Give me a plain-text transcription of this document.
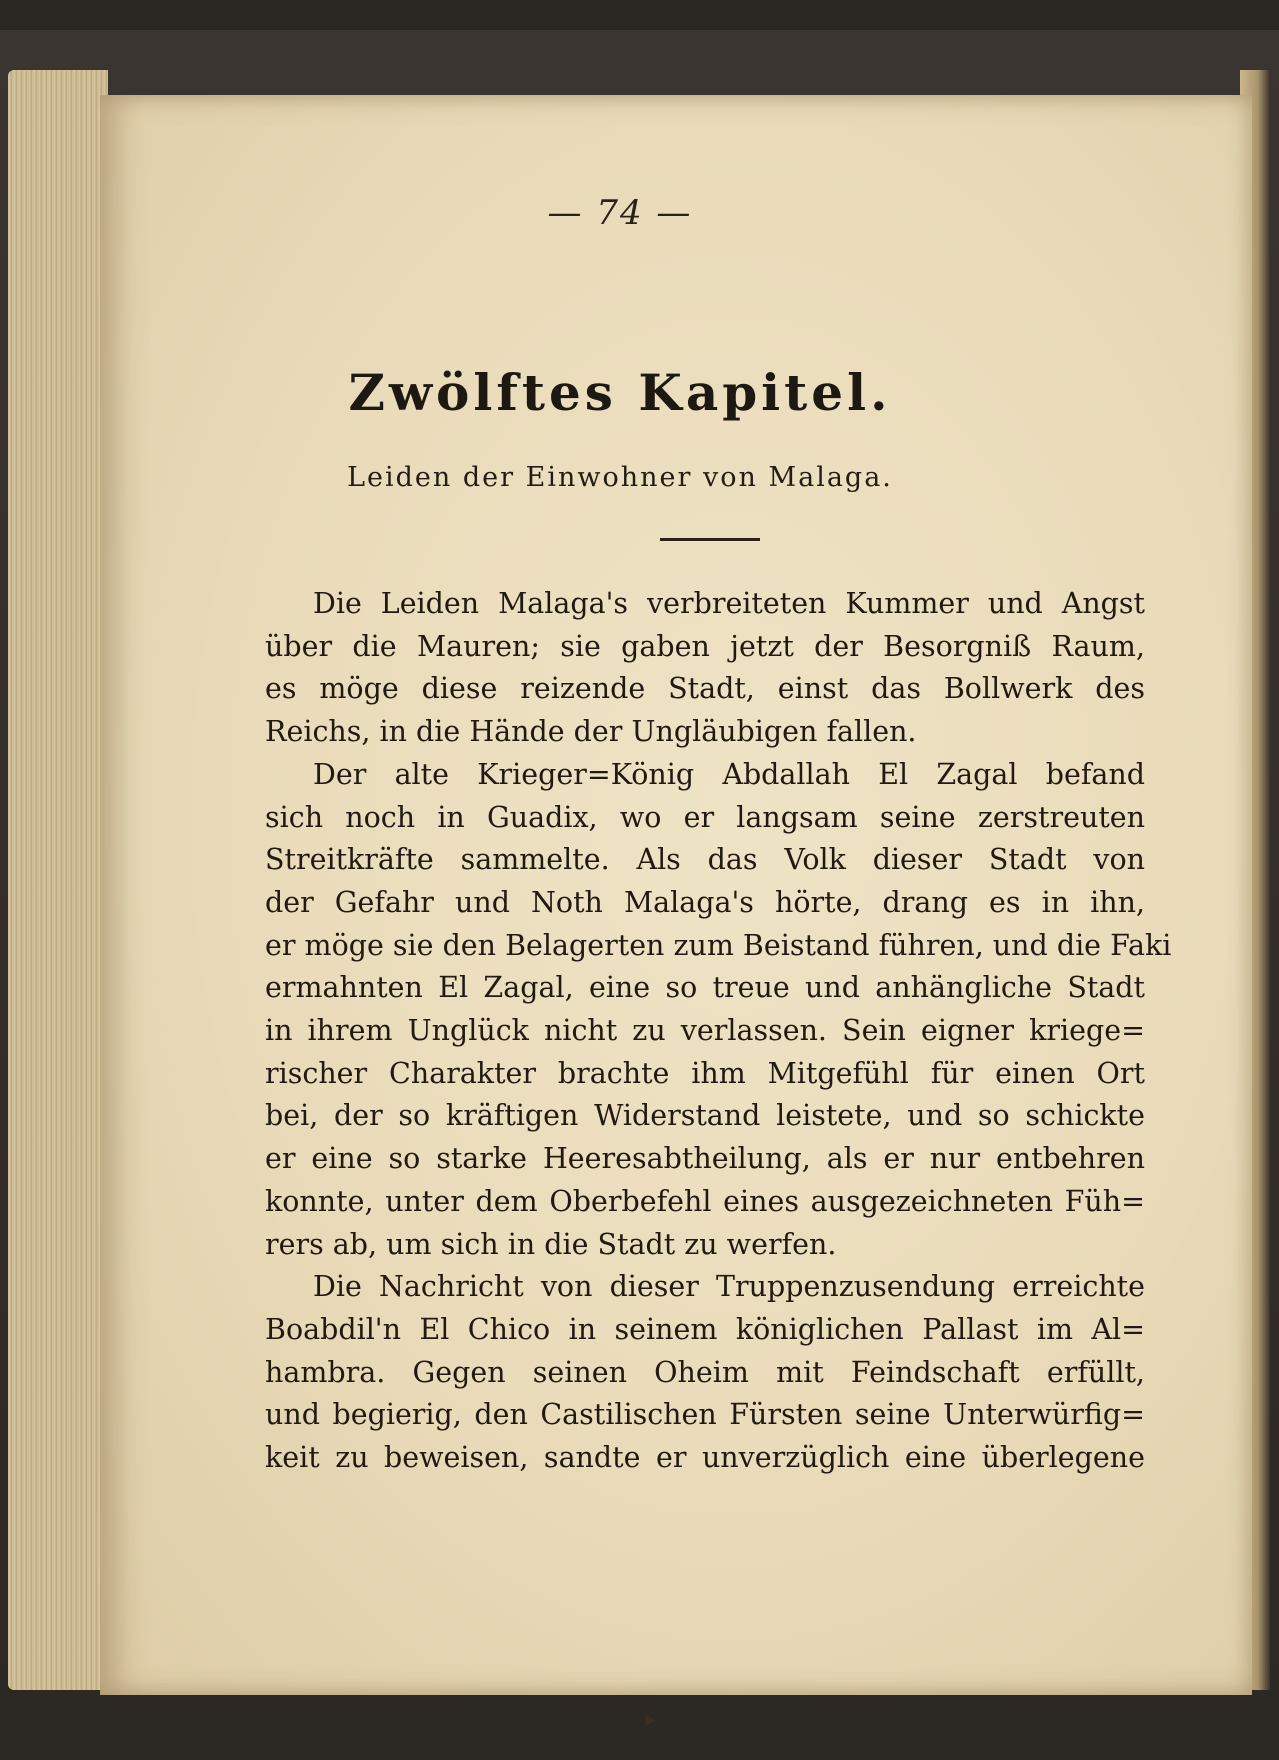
— 74 —
Zwölftes Kapitel.
Leiden der Einwohner von Malaga.
Die Leiden Malaga's verbreiteten Kummer und Angst
über die Mauren; sie gaben jetzt der Besorgniß Raum,
es möge diese reizende Stadt, einst das Bollwerk des
Reichs, in die Hände der Ungläubigen fallen.
Der alte Krieger=König Abdallah El Zagal befand
sich noch in Guadix, wo er langsam seine zerstreuten
Streitkräfte sammelte. Als das Volk dieser Stadt von
der Gefahr und Noth Malaga's hörte, drang es in ihn,
er möge sie den Belagerten zum Beistand führen, und die Faki
ermahnten El Zagal, eine so treue und anhängliche Stadt
in ihrem Unglück nicht zu verlassen. Sein eigner kriege=
rischer Charakter brachte ihm Mitgefühl für einen Ort
bei, der so kräftigen Widerstand leistete, und so schickte
er eine so starke Heeresabtheilung, als er nur entbehren
konnte, unter dem Oberbefehl eines ausgezeichneten Füh=
rers ab, um sich in die Stadt zu werfen.
Die Nachricht von dieser Truppenzusendung erreichte
Boabdil'n El Chico in seinem königlichen Pallast im Al=
hambra. Gegen seinen Oheim mit Feindschaft erfüllt,
und begierig, den Castilischen Fürsten seine Unterwürfig=
keit zu beweisen, sandte er unverzüglich eine überlegene
▸
